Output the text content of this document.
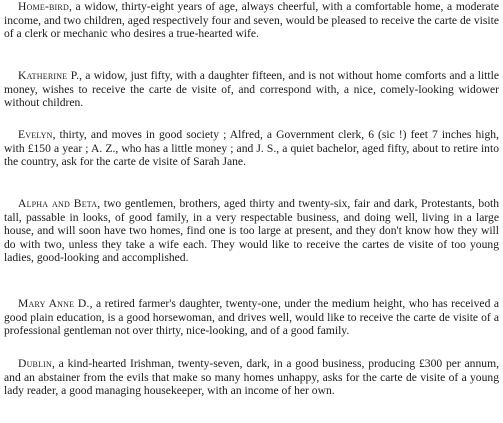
Home-bird, a widow, thirty-eight years of age, always cheerful, with a comfortable home, a moderate income, and two children, aged respectively four and seven, would be pleased to receive the carte de visite of a clerk or mechanic who desires a true-hearted wife.

Katherine P., a widow, just fifty, with a daughter fifteen, and is not without home comforts and a little money, wishes to receive the carte de visite of, and correspond with, a nice, comely-looking widower without children.

Evelyn, thirty, and moves in good society ; Alfred, a Government clerk, 6 (sic !) feet 7 inches high, with £150 a year ; A. Z., who has a little money ; and J. S., a quiet bachelor, aged fifty, about to retire into the country, ask for the carte de visite of Sarah Jane.

Alpha and Beta, two gentlemen, brothers, aged thirty and twenty-six, fair and dark, Protestants, both tall, passable in looks, of good family, in a very respectable business, and doing well, living in a large house, and will soon have two homes, find one is too large at present, and they don't know how they will do with two, unless they take a wife each. They would like to receive the cartes de visite of too young ladies, good-looking and accomplished.

Mary Anne D., a retired farmer's daughter, twenty-one, under the medium height, who has received a good plain education, is a good horsewoman, and drives well, would like to receive the carte de visite of a professional gentleman not over thirty, nice-looking, and of a good family.

Dublin, a kind-hearted Irishman, twenty-seven, dark, in a good business, producing £300 per annum, and an abstainer from the evils that make so many homes unhappy, asks for the carte de visite of a young lady reader, a good managing housekeeper, with an income of her own.
